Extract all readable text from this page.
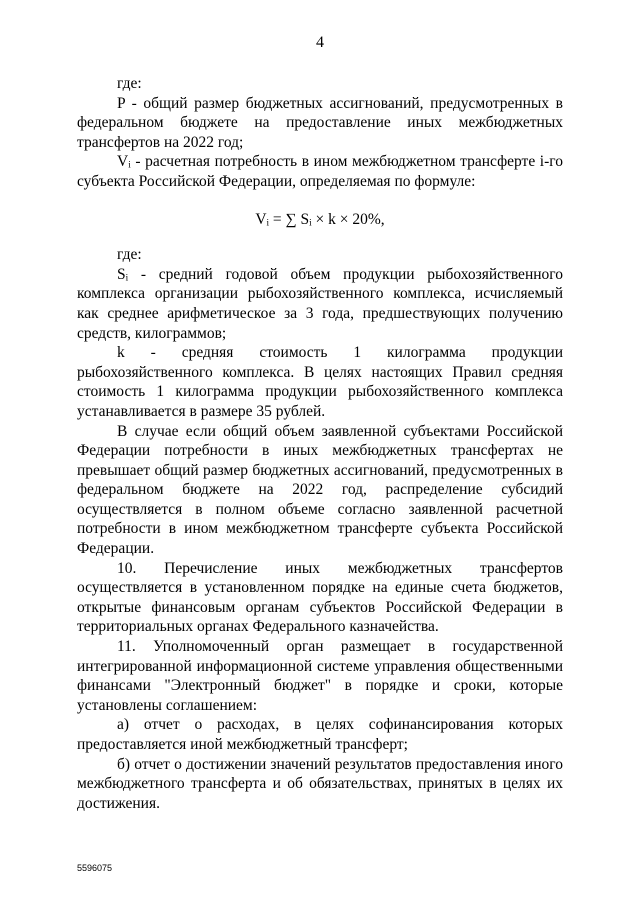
4

где:

P - общий размер бюджетных ассигнований, предусмотренных в федеральном бюджете на предоставление иных межбюджетных трансфертов на 2022 год;

Vᵢ - расчетная потребность в ином межбюджетном трансферте i-го субъекта Российской Федерации, определяемая по формуле:

Vᵢ = ∑ Sᵢ × k × 20%,

где:

Sᵢ - средний годовой объем продукции рыбохозяйственного комплекса организации рыбохозяйственного комплекса, исчисляемый как среднее арифметическое за 3 года, предшествующих получению средств, килограммов;

k - средняя стоимость 1 килограмма продукции рыбохозяйственного комплекса. В целях настоящих Правил средняя стоимость 1 килограмма продукции рыбохозяйственного комплекса устанавливается в размере 35 рублей.

В случае если общий объем заявленной субъектами Российской Федерации потребности в иных межбюджетных трансфертах не превышает общий размер бюджетных ассигнований, предусмотренных в федеральном бюджете на 2022 год, распределение субсидий осуществляется в полном объеме согласно заявленной расчетной потребности в ином межбюджетном трансферте субъекта Российской Федерации.

10. Перечисление иных межбюджетных трансфертов осуществляется в установленном порядке на единые счета бюджетов, открытые финансовым органам субъектов Российской Федерации в территориальных органах Федерального казначейства.

11. Уполномоченный орган размещает в государственной интегрированной информационной системе управления общественными финансами "Электронный бюджет" в порядке и сроки, которые установлены соглашением:

а) отчет о расходах, в целях софинансирования которых предоставляется иной межбюджетный трансферт;

б) отчет о достижении значений результатов предоставления иного межбюджетного трансферта и об обязательствах, принятых в целях их достижения.

5596075
